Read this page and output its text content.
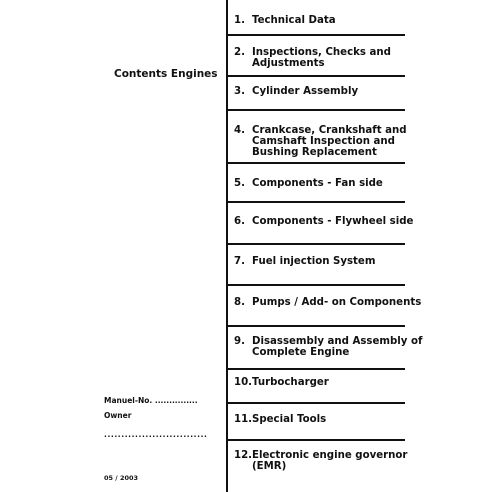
Contents Engines
Manuel-No. ...............
Owner
..............................
05 / 2003
1. Technical Data
2. Inspections, Checks and
Adjustments
3. Cylinder Assembly
4. Crankcase, Crankshaft and
Camshaft Inspection and
Bushing Replacement
5. Components - Fan side
6. Components - Flywheel side
7. Fuel injection System
8. Pumps / Add- on Components
9. Disassembly and Assembly of
Complete Engine
10.Turbocharger
11.Special Tools
12.Electronic engine governor
(EMR)
